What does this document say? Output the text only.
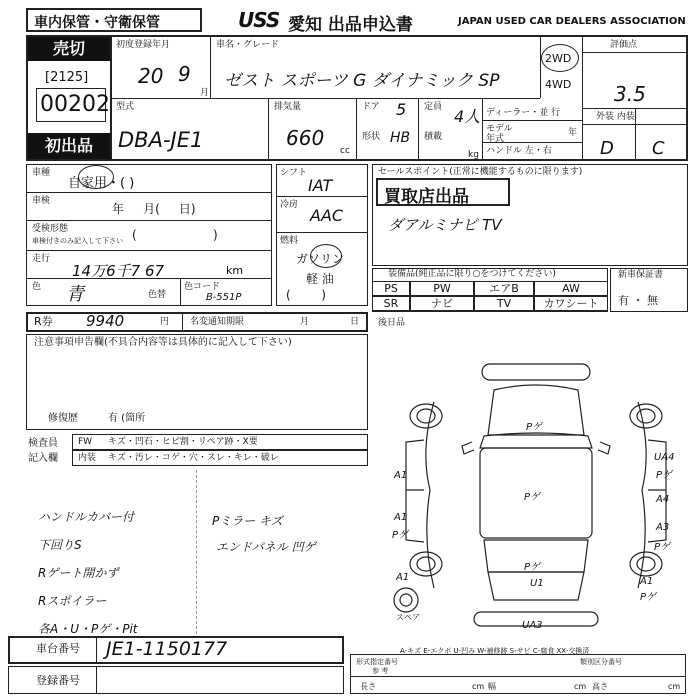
車内保管・守衛保管	USS 愛知 出品申込書	JAPAN USED CAR DEALERS ASSOCIATION
売切
[2125]
00202
初出品
初度登録年月
20 9
月
車名・グレード
ゼスト スポーツ G ダイナミック SP
2WD
4WD
型式
DBA-JE1
排気量
660
cc
ドア 5
形状 HB
定員 4人
積載
kg
ディーラー・並 行
モデル 年式
年
ハンドル 左・右
評価点
3.5
外装 内装
D C
車種
自家用・( )
車検
年     月(     日)
受検形態
車検付きのみ記入して下さい (                    )
走行
14万6千7 67	km
色 青	色替
色コード
B-551P
シフト
IAT
冷房
AAC
燃料
ガソリン
軽 油
(        )
セールスポイント(正常に機能するものに限ります)
買取店出品
ダアルミナビ TV
装備品(純正品に限り○をつけてください)
PS	PW	エアB	AW
SR	ナビ	TV	カワシート
新車保証書
有 ・ 無
R券 9940	円 名変通知期限	月	日 後日品
注意事項申告欄(不具合内容等は具体的に記入して下さい)
修復歴	有 (箇所
検査員 記入欄
FW キズ・凹石・ヒビ割・リペア跡・X要
内装 キズ・汚レ・コゲ・穴・スレ・キレ・破レ
ハンドルカバー付
下回りS
Rゲート開かず
Rスポイラー
各A・U・Pゲ・Pit
Pミラー キズ
エンドパネル 凹ゲ
Pゲ
Pゲ
Pゲ
U1
UA3
UA4
Pゲ
A4
A3
Pゲ
A1
Pゲ
A1
A1
Pゲ
A1
スペア
A-キズ E-エクボ U-凹み W-補修跡 S-サビ C-腐食 XX-交換済
車台番号 JE1-1150177
登録番号
形式指定番号
参 考
類別区分番号
長さ	cm 幅	cm 高さ	cm
